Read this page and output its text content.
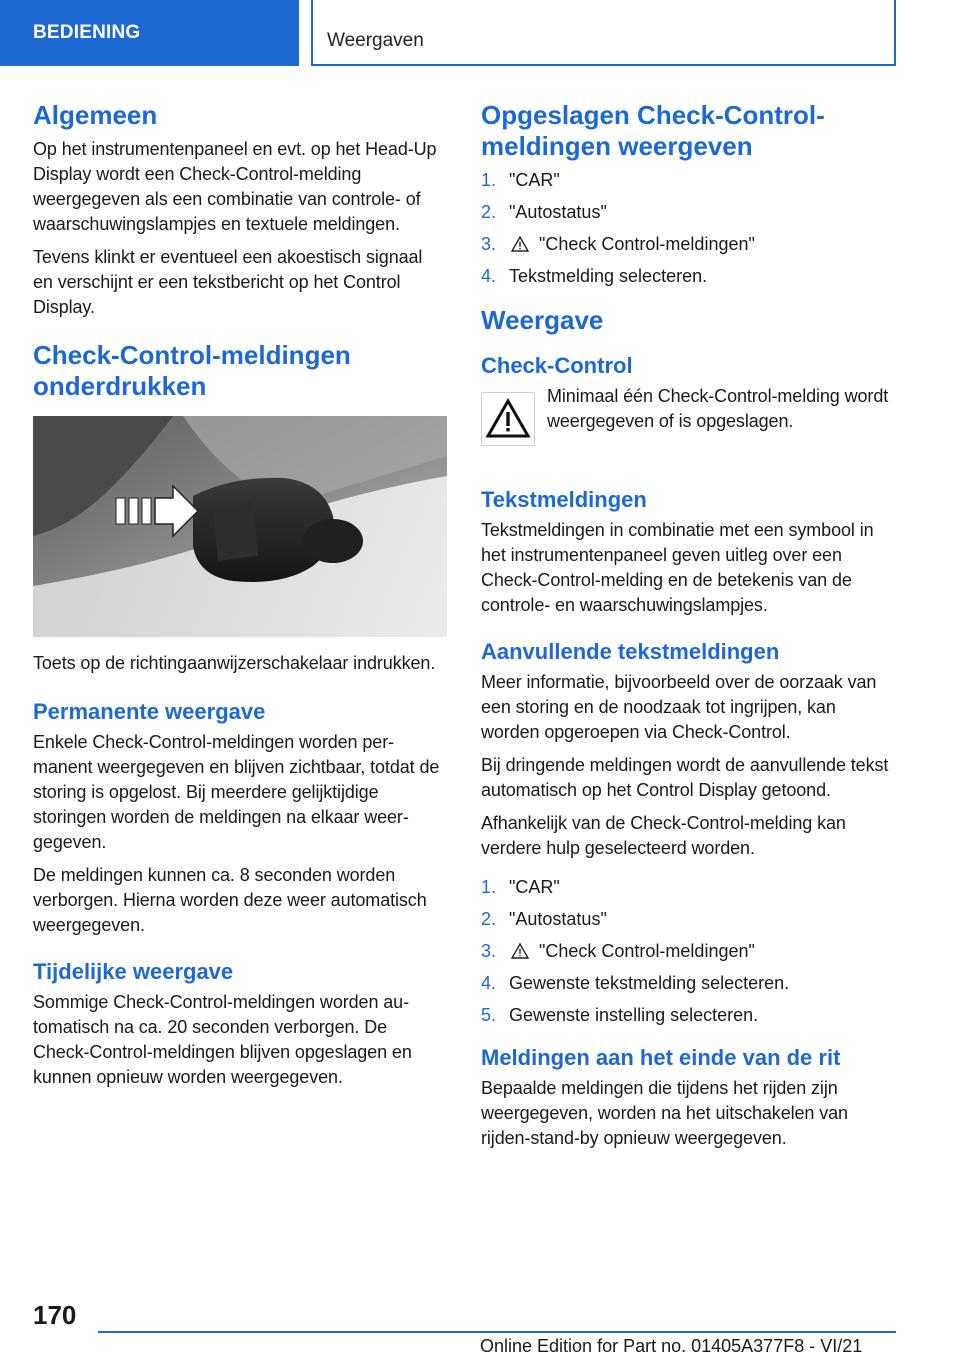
BEDIENING	Weergaven
Algemeen

Op het instrumentenpaneel en evt. op het Head-Up Display wordt een Check-Control-melding weergegeven als een combinatie van controle- of waarschuwingslampjes en textuele meldingen.

Tevens klinkt er eventueel een akoestisch signaal en verschijnt er een tekstbericht op het Control Display.

Check-Control-meldingen onderdrukken

Toets op de richtingaanwijzerschakelaar indrukken.

Permanente weergave

Enkele Check-Control-meldingen worden permanent weergegeven en blijven zichtbaar, totdat de storing is opgelost. Bij meerdere gelijktijdige storingen worden de meldingen na elkaar weergegeven.

De meldingen kunnen ca. 8 seconden worden verborgen. Hierna worden deze weer automatisch weergegeven.

Tijdelijke weergave

Sommige Check-Control-meldingen worden automatisch na ca. 20 seconden verborgen. De Check-Control-meldingen blijven opgeslagen en kunnen opnieuw worden weergegeven.

Opgeslagen Check-Control-meldingen weergeven
1. "CAR"
2. "Autostatus"
3. "Check Control-meldingen"
4. Tekstmelding selecteren.
Weergave
Check-Control

Minimaal één Check-Control-melding wordt weergegeven of is opgeslagen.

Tekstmeldingen

Tekstmeldingen in combinatie met een symbool in het instrumentenpaneel geven uitleg over een Check-Control-melding en de betekenis van de controle- en waarschuwingslampjes.

Aanvullende tekstmeldingen

Meer informatie, bijvoorbeeld over de oorzaak van een storing en de noodzaak tot ingrijpen, kan worden opgeroepen via Check-Control.

Bij dringende meldingen wordt de aanvullende tekst automatisch op het Control Display getoond.

Afhankelijk van de Check-Control-melding kan verdere hulp geselecteerd worden.

1. "CAR"
2. "Autostatus"
3. "Check Control-meldingen"
4. Gewenste tekstmelding selecteren.
5. Gewenste instelling selecteren.
Meldingen aan het einde van de rit

Bepaalde meldingen die tijdens het rijden zijn weergegeven, worden na het uitschakelen van rijden-stand-by opnieuw weergegeven.

170
Online Edition for Part no. 01405A377F8 - VI/21
